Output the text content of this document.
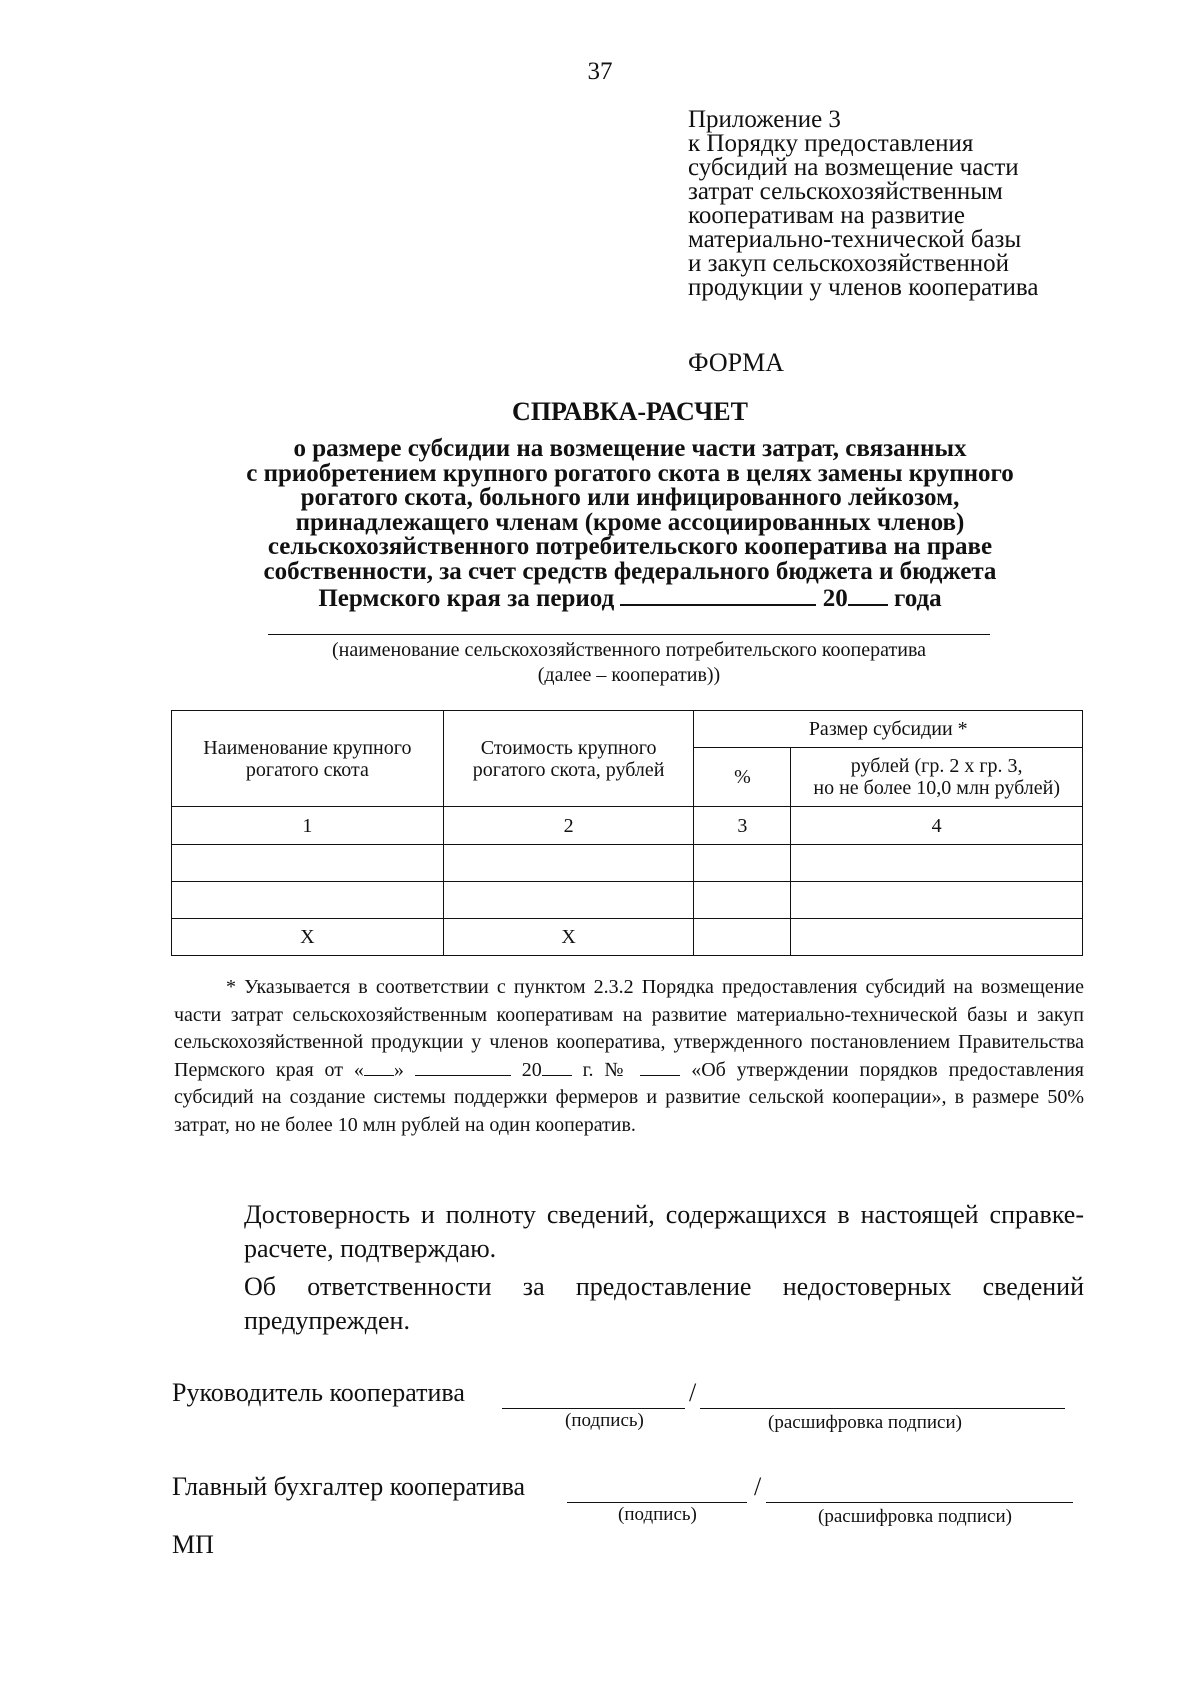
37
Приложение 3
к Порядку предоставления
субсидий на возмещение части
затрат сельскохозяйственным
кооперативам на развитие
материально-технической базы
и закуп сельскохозяйственной
продукции у членов кооператива
ФОРМА
СПРАВКА-РАСЧЕТ
о размере субсидии на возмещение части затрат, связанных
с приобретением крупного рогатого скота в целях замены крупного
рогатого скота, больного или инфицированного лейкозом,
принадлежащего членам (кроме ассоциированных членов)
сельскохозяйственного потребительского кооператива на праве
собственности, за счет средств федерального бюджета и бюджета
Пермского края за период	20 года
(наименование сельскохозяйственного потребительского кооператива
(далее – кооператив))
Наименование крупного рогатого скота	Стоимость крупного рогатого скота, рублей	Размер субсидии *	
		%	рублей (гр. 2 х гр. 3,
но не более 10,0 млн рублей)

1	2	3	4

Х	Х		
* Указывается в соответствии с пунктом 2.3.2 Порядка предоставления субсидий на возмещение части затрат сельскохозяйственным кооперативам на развитие материально-технической базы и закуп сельскохозяйственной продукции у членов кооператива, утвержденного постановлением Правительства Пермского края от « »	20 г. №	«Об утверждении порядков предоставления субсидий на создание системы поддержки фермеров и развитие сельской кооперации», в размере 50% затрат, но не более 10 млн рублей на один кооператив.
Достоверность и полноту сведений, содержащихся в настоящей справке-расчете, подтверждаю.
Об ответственности за предоставление недостоверных сведений предупрежден.
Руководитель кооператива	/
(подпись)	(расшифровка подписи)
Главный бухгалтер кооператива	/
(подпись)	(расшифровка подписи)
МП
